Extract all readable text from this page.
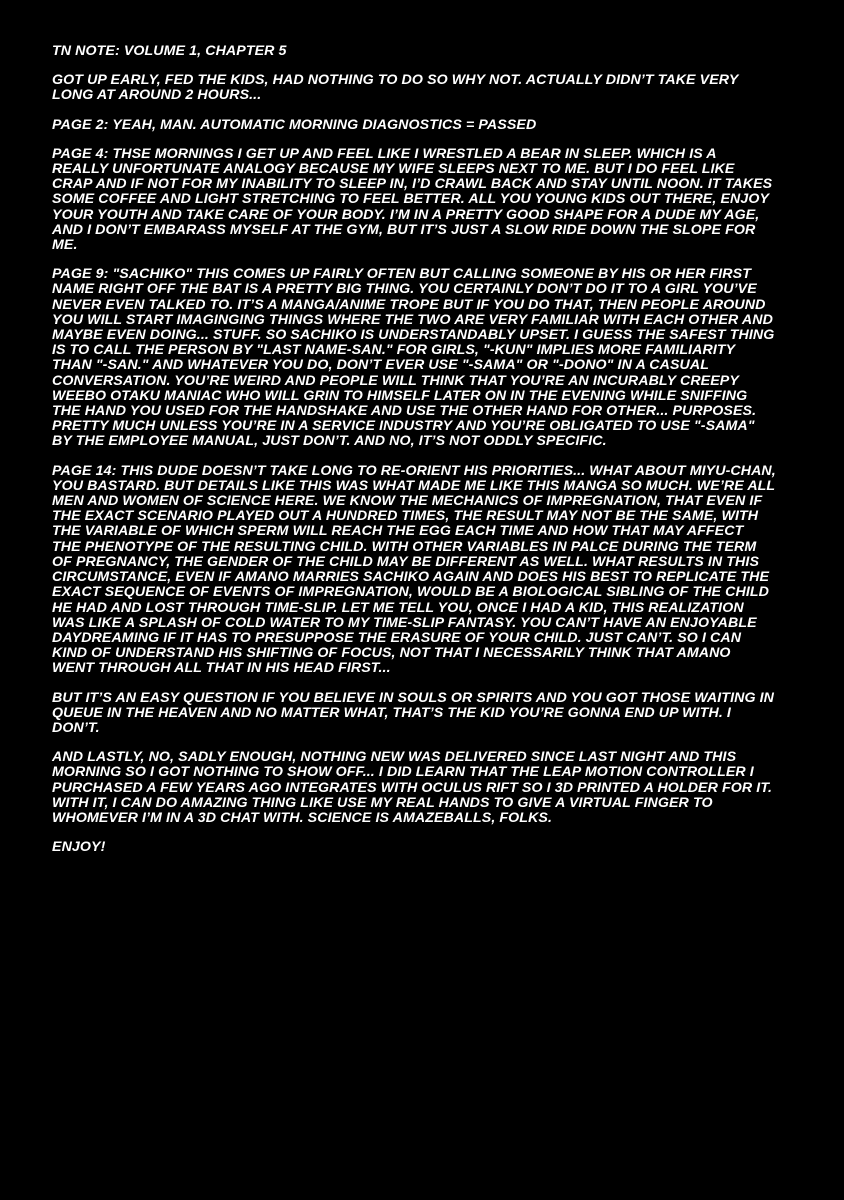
TN NOTE: VOLUME 1, CHAPTER 5

GOT UP EARLY, FED THE KIDS, HAD NOTHING TO DO SO WHY NOT. ACTUALLY DIDN’T TAKE VERY LONG AT AROUND 2 HOURS...

PAGE 2: YEAH, MAN. AUTOMATIC MORNING DIAGNOSTICS = PASSED

PAGE 4: THSE MORNINGS I GET UP AND FEEL LIKE I WRESTLED A BEAR IN SLEEP. WHICH IS A REALLY UNFORTUNATE ANALOGY BECAUSE MY WIFE SLEEPS NEXT TO ME. BUT I DO FEEL LIKE CRAP AND IF NOT FOR MY INABILITY TO SLEEP IN, I’D CRAWL BACK AND STAY UNTIL NOON. IT TAKES SOME COFFEE AND LIGHT STRETCHING TO FEEL BETTER. ALL YOU YOUNG KIDS OUT THERE, ENJOY YOUR YOUTH AND TAKE CARE OF YOUR BODY. I’M IN A PRETTY GOOD SHAPE FOR A DUDE MY AGE, AND I DON’T EMBARASS MYSELF AT THE GYM, BUT IT’S JUST A SLOW RIDE DOWN THE SLOPE FOR ME.

PAGE 9: "SACHIKO" THIS COMES UP FAIRLY OFTEN BUT CALLING SOMEONE BY HIS OR HER FIRST NAME RIGHT OFF THE BAT IS A PRETTY BIG THING. YOU CERTAINLY DON’T DO IT TO A GIRL YOU’VE NEVER EVEN TALKED TO. IT’S A MANGA/ANIME TROPE BUT IF YOU DO THAT, THEN PEOPLE AROUND YOU WILL START IMAGINGING THINGS WHERE THE TWO ARE VERY FAMILIAR WITH EACH OTHER AND MAYBE EVEN DOING... STUFF. SO SACHIKO IS UNDERSTANDABLY UPSET. I GUESS THE SAFEST THING IS TO CALL THE PERSON BY "LAST NAME-SAN." FOR GIRLS, "-KUN" IMPLIES MORE FAMILIARITY THAN "-SAN." AND WHATEVER YOU DO, DON’T EVER USE "-SAMA" OR "-DONO" IN A CASUAL CONVERSATION. YOU’RE WEIRD AND PEOPLE WILL THINK THAT YOU’RE AN INCURABLY CREEPY WEEBO OTAKU MANIAC WHO WILL GRIN TO HIMSELF LATER ON IN THE EVENING WHILE SNIFFING THE HAND YOU USED FOR THE HANDSHAKE AND USE THE OTHER HAND FOR OTHER... PURPOSES. PRETTY MUCH UNLESS YOU’RE IN A SERVICE INDUSTRY AND YOU’RE OBLIGATED TO USE "-SAMA" BY THE EMPLOYEE MANUAL, JUST DON’T. AND NO, IT’S NOT ODDLY SPECIFIC.

PAGE 14: THIS DUDE DOESN’T TAKE LONG TO RE-ORIENT HIS PRIORITIES... WHAT ABOUT MIYU-CHAN, YOU BASTARD. BUT DETAILS LIKE THIS WAS WHAT MADE ME LIKE THIS MANGA SO MUCH. WE’RE ALL MEN AND WOMEN OF SCIENCE HERE. WE KNOW THE MECHANICS OF IMPREGNATION, THAT EVEN IF THE EXACT SCENARIO PLAYED OUT A HUNDRED TIMES, THE RESULT MAY NOT BE THE SAME, WITH THE VARIABLE OF WHICH SPERM WILL REACH THE EGG EACH TIME AND HOW THAT MAY AFFECT THE PHENOTYPE OF THE RESULTING CHILD. WITH OTHER VARIABLES IN PALCE DURING THE TERM OF PREGNANCY, THE GENDER OF THE CHILD MAY BE DIFFERENT AS WELL. WHAT RESULTS IN THIS CIRCUMSTANCE, EVEN IF AMANO MARRIES SACHIKO AGAIN AND DOES HIS BEST TO REPLICATE THE EXACT SEQUENCE OF EVENTS OF IMPREGNATION, WOULD BE A BIOLOGICAL SIBLING OF THE CHILD HE HAD AND LOST THROUGH TIME-SLIP. LET ME TELL YOU, ONCE I HAD A KID, THIS REALIZATION WAS LIKE A SPLASH OF COLD WATER TO MY TIME-SLIP FANTASY. YOU CAN’T HAVE AN ENJOYABLE DAYDREAMING IF IT HAS TO PRESUPPOSE THE ERASURE OF YOUR CHILD. JUST CAN’T. SO I CAN KIND OF UNDERSTAND HIS SHIFTING OF FOCUS, NOT THAT I NECESSARILY THINK THAT AMANO WENT THROUGH ALL THAT IN HIS HEAD FIRST...

BUT IT’S AN EASY QUESTION IF YOU BELIEVE IN SOULS OR SPIRITS AND YOU GOT THOSE WAITING IN QUEUE IN THE HEAVEN AND NO MATTER WHAT, THAT’S THE KID YOU’RE GONNA END UP WITH. I DON’T.

AND LASTLY, NO, SADLY ENOUGH, NOTHING NEW WAS DELIVERED SINCE LAST NIGHT AND THIS MORNING SO I GOT NOTHING TO SHOW OFF... I DID LEARN THAT THE LEAP MOTION CONTROLLER I PURCHASED A FEW YEARS AGO INTEGRATES WITH OCULUS RIFT SO I 3D PRINTED A HOLDER FOR IT. WITH IT, I CAN DO AMAZING THING LIKE USE MY REAL HANDS TO GIVE A VIRTUAL FINGER TO WHOMEVER I’M IN A 3D CHAT WITH. SCIENCE IS AMAZEBALLS, FOLKS.

ENJOY!
